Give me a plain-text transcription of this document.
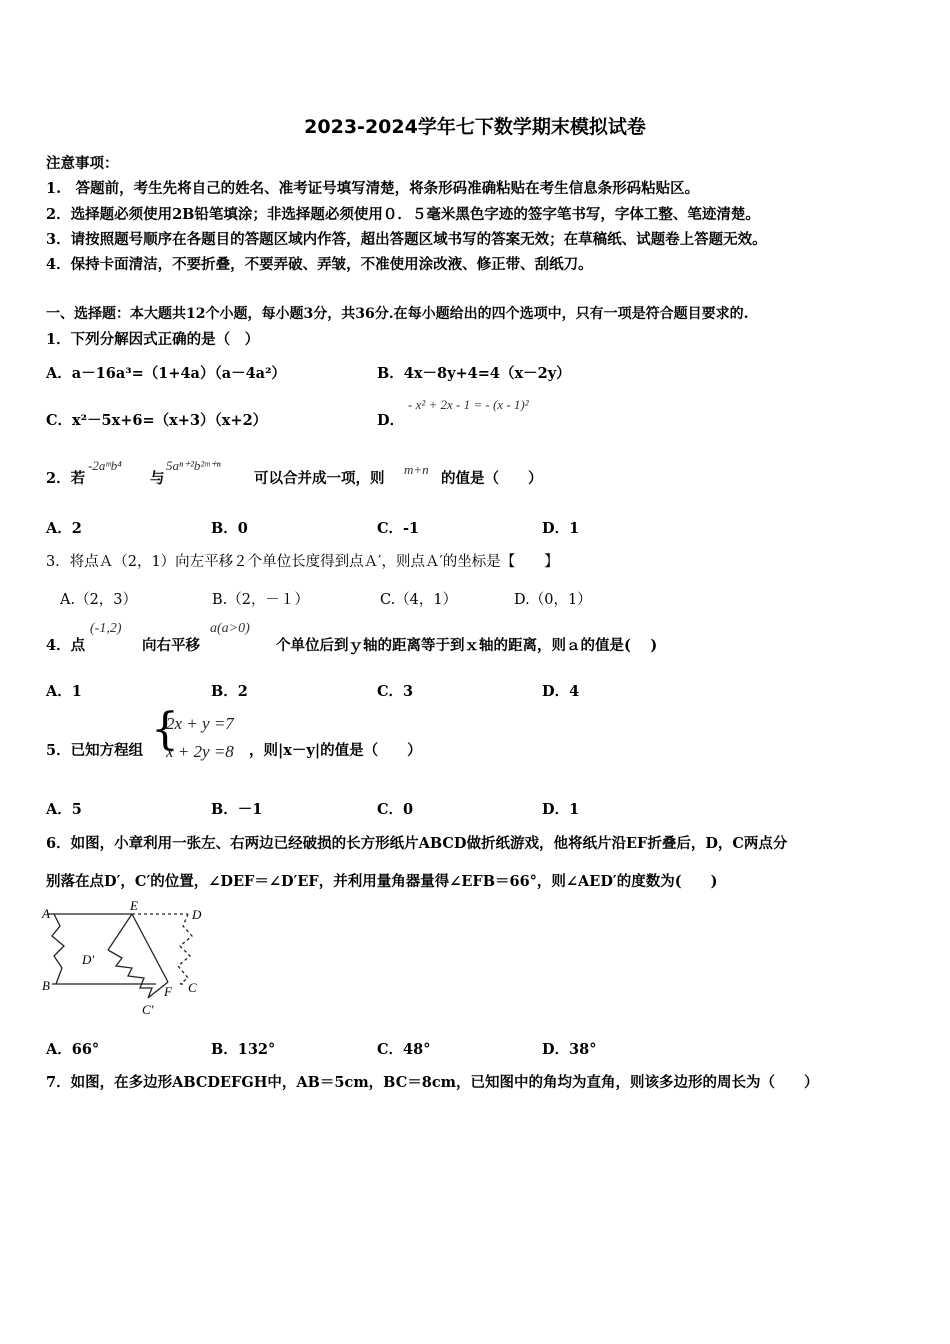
2023-2024学年七下数学期末模拟试卷
注意事项：
1.　答题前，考生先将自己的姓名、准考证号填写清楚，将条形码准确粘贴在考生信息条形码粘贴区。
2．选择题必须使用2B铅笔填涂；非选择题必须使用０．５毫米黑色字迹的签字笔书写，字体工整、笔迹清楚。
3．请按照题号顺序在各题目的答题区域内作答，超出答题区域书写的答案无效；在草稿纸、试题卷上答题无效。
4．保持卡面清洁，不要折叠，不要弄破、弄皱，不准使用涂改液、修正带、刮纸刀。
一、选择题：本大题共12个小题，每小题3分，共36分.在每小题给出的四个选项中，只有一项是符合题目要求的.
1．下列分解因式正确的是（　）
A．a－16a³=（1+4a）（a－4a²）	B．4x－8y+4=4（x－2y）
C．x²－5x+6=（x+3）（x+2）	D．
- x² + 2x - 1 = - (x - 1)²
2．若
-2aᵐb⁴
与
5aⁿ⁺²b²ᵐ⁺ⁿ
可以合并成一项，则
m+n
的值是（　　）
A．2	B．0	C．-1	D．1
3．将点Ａ（2，1）向左平移２个单位长度得到点Ａ′，则点Ａ′的坐标是【　　】
A.（2，3）	B.（2，－１）	C.（4，1）	D.（0，1）
4．点
(-1,2)
向右平移
a(a>0)
个单位后到ｙ轴的距离等于到ｘ轴的距离，则ａ的值是(　 )
A．1	B．2	C．3	D．4
5．已知方程组 {
2x + y =7
x + 2y =8 ，则|x－y|的值是（　　）
A．5	B．－1	C．0	D．1
6．如图，小章利用一张左、右两边已经破损的长方形纸片ABCD做折纸游戏，他将纸片沿EF折叠后，D，C两点分
别落在点D′，C′的位置，∠DEF＝∠D′EF，并利用量角器量得∠EFB＝66°，则∠AED′的度数为(　　)
A
E
D
D'
B	F C
C'
A．66°	B．132°	C．48°	D．38°
7．如图，在多边形ABCDEFGH中，AB＝5cm，BC＝8cm，已知图中的角均为直角，则该多边形的周长为（　　）
